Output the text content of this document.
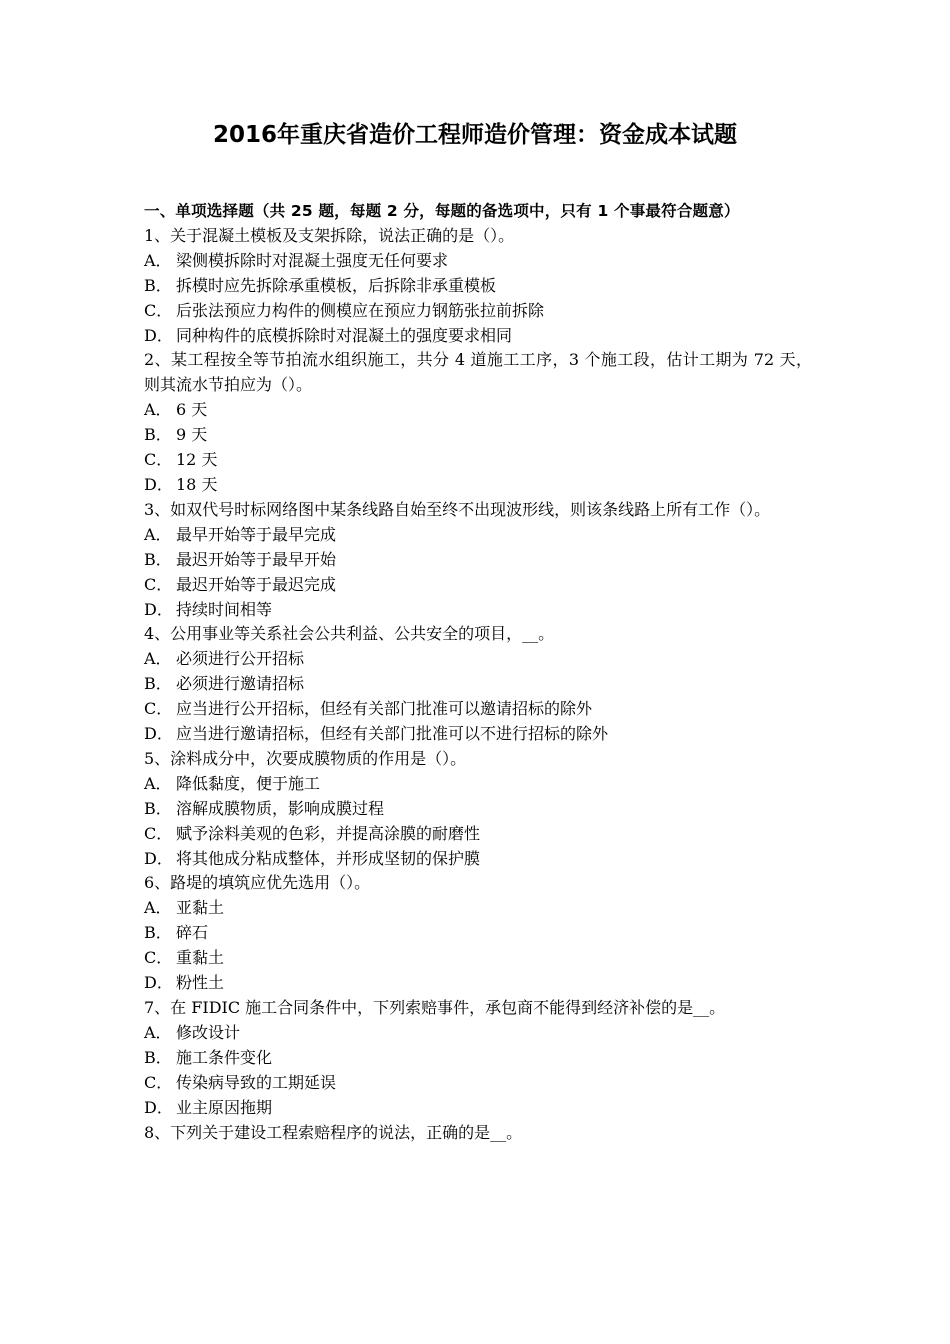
2016年重庆省造价工程师造价管理：资金成本试题
一、单项选择题（共 25 题，每题 2 分，每题的备选项中，只有 1 个事最符合题意）

1、关于混凝土模板及支架拆除，说法正确的是（）。

A． 梁侧模拆除时对混凝土强度无任何要求
B． 拆模时应先拆除承重模板，后拆除非承重模板
C． 后张法预应力构件的侧模应在预应力钢筋张拉前拆除
D． 同种构件的底模拆除时对混凝土的强度要求相同

2、某工程按全等节拍流水组织施工，共分 4 道施工工序，3 个施工段，估计工期为 72 天，则其流水节拍应为（）。

A． 6 天
B． 9 天
C． 12 天
D． 18 天

3、如双代号时标网络图中某条线路自始至终不出现波形线，则该条线路上所有工作（）。

A． 最早开始等于最早完成
B． 最迟开始等于最早开始
C． 最迟开始等于最迟完成
D． 持续时间相等

4、公用事业等关系社会公共利益、公共安全的项目，__。

A． 必须进行公开招标
B． 必须进行邀请招标
C． 应当进行公开招标，但经有关部门批准可以邀请招标的除外
D． 应当进行邀请招标，但经有关部门批准可以不进行招标的除外

5、涂料成分中，次要成膜物质的作用是（）。

A． 降低黏度，便于施工
B． 溶解成膜物质，影响成膜过程
C． 赋予涂料美观的色彩，并提高涂膜的耐磨性
D． 将其他成分粘成整体，并形成坚韧的保护膜

6、路堤的填筑应优先选用（）。

A． 亚黏土
B． 碎石
C． 重黏土
D． 粉性土

7、在 FIDIC 施工合同条件中，下列索赔事件，承包商不能得到经济补偿的是__。

A． 修改设计
B． 施工条件变化
C． 传染病导致的工期延误
D． 业主原因拖期

8、下列关于建设工程索赔程序的说法，正确的是__。
